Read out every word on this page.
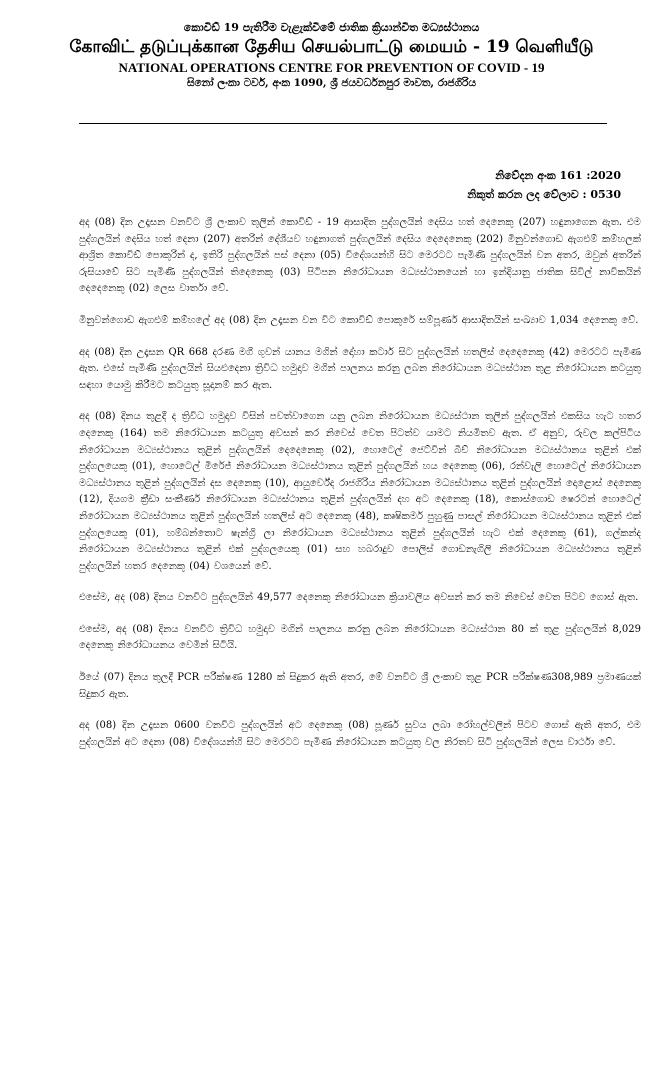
කොවිඩ් 19 පැතිරීම වැළැක්වීමේ ජාතික ක්‍රියාන්විත මධ්‍යස්ථානය
கோவிட் தடுப்புக்கான தேசிய செயல்பாட்டு மையம் - 19 வெளியீடு
NATIONAL OPERATIONS CENTRE FOR PREVENTION OF COVID - 19
සිනෝ ලංකා ටවර්, අංක 1090, ශ්‍රී ජයවර්ධනපුර මාවත, රාජගිරිය
නිවේදන අංක 161 :2020
නිකුත් කරන ලද වේලාව : 0530

අද (08) දින උදෑසන වනවිට ශ්‍රී ලංකාව තුලින් කොවිඩ් - 19 ආසාදිත පුද්ගලයින් දෙසිය හත් දෙනෙකු (207) හඳුනාගෙන ඇත. එම පුද්ගලයින් දෙසිය හත් දෙනා (207) අතරින් දේශීයව හඳුනාගත් පුද්ගලයින් දෙසිය දෙදෙනෙකු (202) මිනුවන්ගොඩ ඇගළුම් කම්හලක් ආශ්‍රිත කොවිඩ් පොකුරින් ද, ඉතිරි පුද්ගලයින් පස් දෙනා (05) විදේශයන්හි සිට මෙරටට පැමිණි පුද්ගලයින් වන අතර, ඔවුන් අතරින් රුසියාවේ සිට පැමිණි පුද්ගලයින් තිදෙනෙකු (03) පිටිපන නිරෝධායන මධ්‍යස්ථානයෙන් හා ඉන්දියානු ජාතික සිවිල් නාවිකයින් දෙදෙනෙකු (02) ලෙස වාර්තා වේ.

මිනුවන්ගොඩ ඇගළුම් කම්හලේ අද (08) දින උදෑසන වන විට කොවිඩ් පොකුරේ සම්පූර්ණ ආසාදිතයින් සංඛ්‍යාව 1,034 දෙනෙකු වේ.

අද (08) දින උදෑසන QR 668 දරණ මගී ගුවන් යානය මගින් දෝහා කටාර් සිට පුද්ගලයින් හතලිස් දෙදෙනෙකු (42) මෙරටට පැමිණ ඇත. එසේ පැමිණි පුද්ගලයින් සියළුදෙනා ත්‍රිවිධ හමුදාව මගින් පාලනය කරනු ලබන නිරෝධායන මධ්‍යස්ථාන තුළ නිරෝධායන කටයුතු සඳහා යොමු කිරීමට කටයුතු සූදානම් කර ඇත.

අද (08) දිනය තුළදී ද ත්‍රිවිධ හමුදාව විසින් පවත්වාගෙන යනු ලබන නිරෝධායන මධ්‍යස්ථාන තුලින් පුද්ගලයින් එකසිය හැට හතර දෙනෙකු (164) තම නිරෝධායන කටයුතු අවසන් කර නිවෙස් වෙත පිටත්ව යාමට නියමිතව ඇත. ඒ අනුව, රුවල කල්පිටිය නිරෝධායන මධ්‍යස්ථානය තුළින් පුද්ගලයින් දෙදෙනෙකු (02), හොටෙල් ජෙට්වින් බීච් නිරෝධායන මධ්‍යස්ථානය තුළින් එක් පුද්ගලයෙකු (01), හොටෙල් මිරේජ් නිරෝධායන මධ්‍යස්ථානය තුළින් පුද්ගලයින් හය දෙනෙකු (06), රන්වැලි හොටෙල් නිරෝධායන මධ්‍යස්ථානය තුළින් පුද්ගලයින් දස දෙනෙකු (10), ආයුර්වේද රාජගිරිය නිරෝධායන මධ්‍යස්ථානය තුළින් පුද්ගලයින් දොළොස් දෙනෙකු (12), දියගම ක්‍රීඩා සංකීර්ණ නිරෝධායන මධ්‍යස්ථානය තුළින් පුද්ගලයින් දහ අට දෙනෙකු (18), කොස්ගොඩ ෂෙරටන් හොටෙල් නිරෝධායන මධ්‍යස්ථානය තුළින් පුද්ගලයින් හතලිස් අට දෙනෙකු (48), කෘෂිකර්ම පුහුණු පාසල් නිරෝධායන මධ්‍යස්ථානය තුළින් එක් පුද්ගලයෙකු (01), හම්බන්තොට ෂැන්ග්‍රි ලා නිරෝධායන මධ්‍යස්ථානය තුළින් පුද්ගලයින් හැට එක් දෙනෙකු (61), ගල්කන්ද නිරෝධායන මධ්‍යස්ථානය තුළින් එක් පුද්ගලයෙකු (01) සහ හබරාදුව පොලිස් ගොඩනැගිලි නිරෝධායන මධ්‍යස්ථානය තුළින් පුද්ගලයින් හතර දෙනෙකු (04) වශයෙන් වේ.

එසේම, අද (08) දිනය වනවිට පුද්ගලයින් 49,577 දෙනෙකු නිරෝධායන ක්‍රියාවලිය අවසන් කර තම නිවෙස් වෙත පිටව ගොස් ඇත.

එසේම, අද (08) දිනය වනවිට ත්‍රිවිධ හමුදාව මගින් පාලනය කරනු ලබන නිරෝධායන මධ්‍යස්ථාන 80 ක් තුළ පුද්ගලයින් 8,029 දෙනෙකු නිරෝධායනය වෙමින් සිටියි.

ඊයේ (07) දිනය තුලදී PCR පරීක්ෂණ 1280 ක් සිදුකර ඇති අතර, මේ වනවිට ශ්‍රී ලංකාව තුළ PCR පරීක්ෂණ308,989 ප්‍රමාණයක් සිදුකර ඇත.

අද (08) දින උදෑසන 0600 වනවිට පුද්ගලයින් අට දෙනෙකු (08) පූර්ණ සුවය ලබා රෝහල්වලින් පිටව ගොස් ඇති අතර, එම පුද්ගලයින් අට දෙනා (08) විදේශයන්හි සිට මෙරටට පැමිණ නිරෝධායන කටයුතු වල නිරතව සිටි පුද්ගලයින් ලෙස වාර්ථා වේ.
